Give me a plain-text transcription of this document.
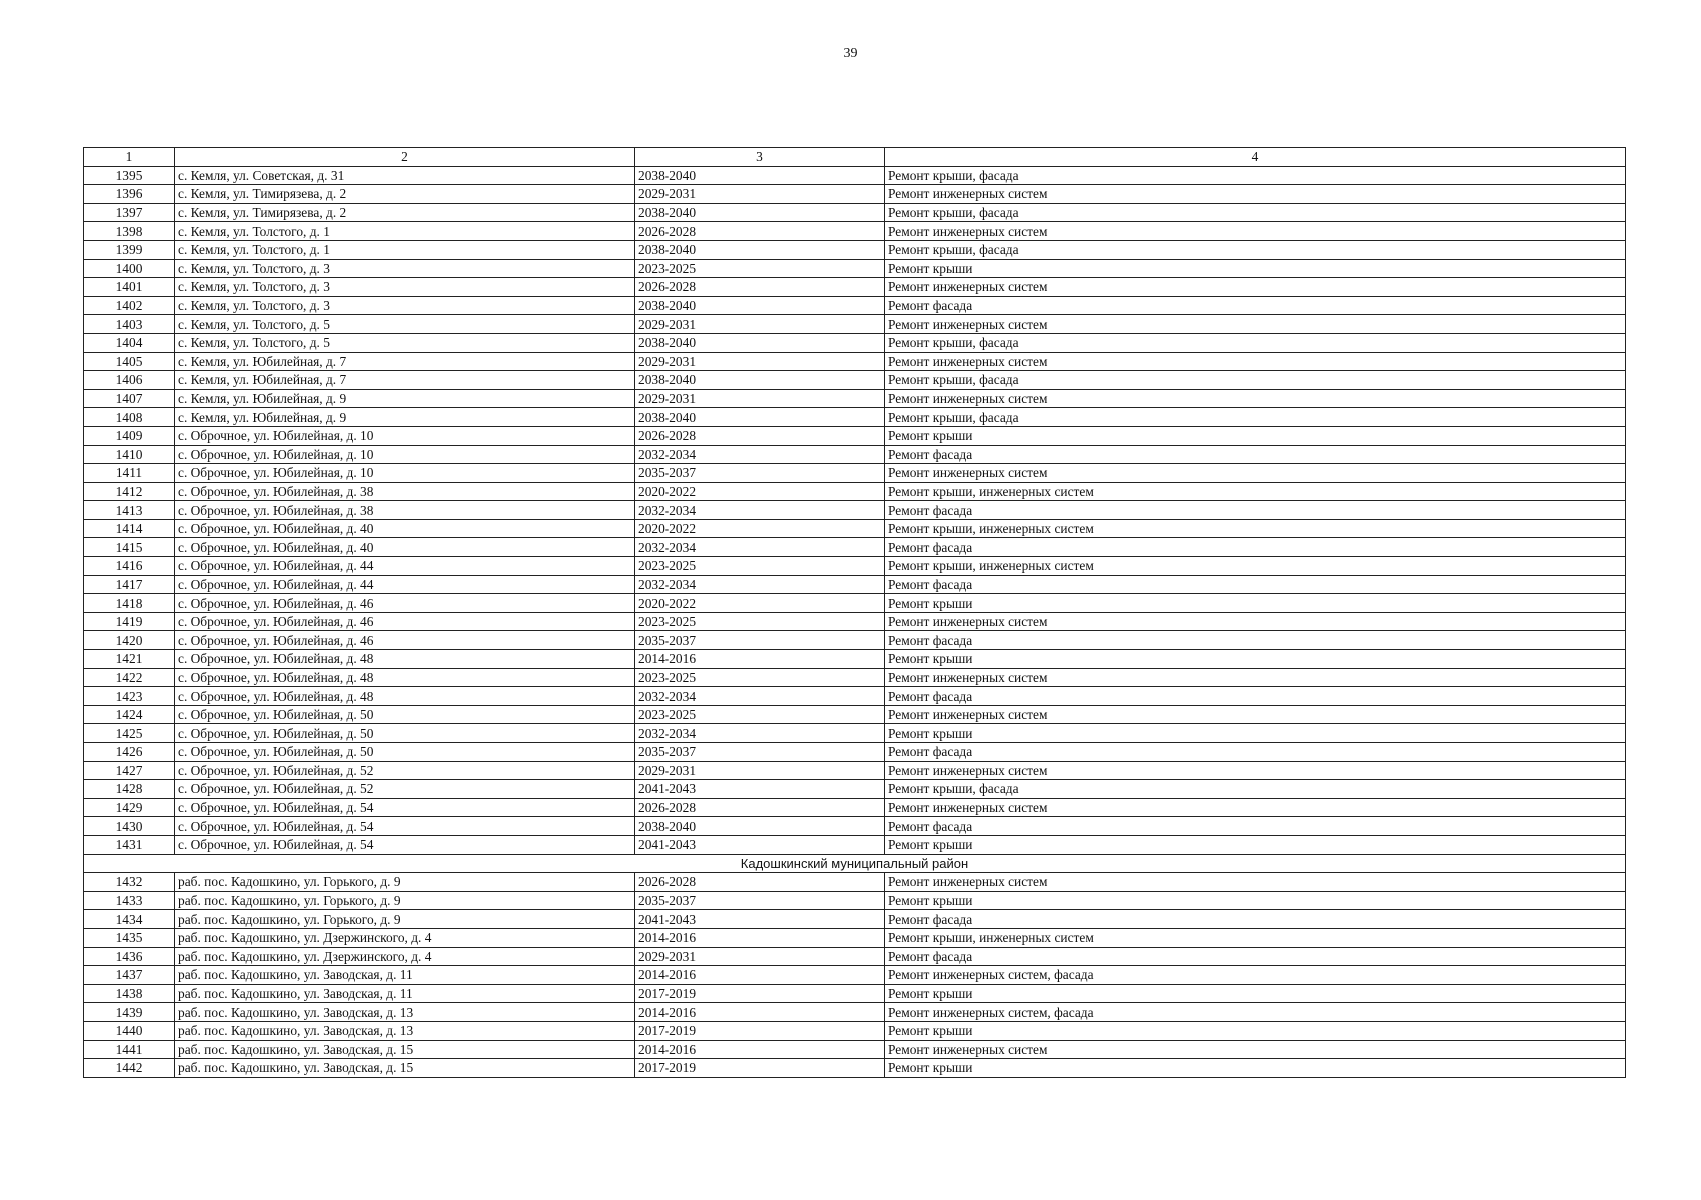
39
1	2	3	4
1395	с. Кемля, ул. Советская, д. 31	2038-2040	Ремонт крыши, фасада
1396	с. Кемля, ул. Тимирязева, д. 2	2029-2031	Ремонт инженерных систем
1397	с. Кемля, ул. Тимирязева, д. 2	2038-2040	Ремонт крыши, фасада
1398	с. Кемля, ул. Толстого, д. 1	2026-2028	Ремонт инженерных систем
1399	с. Кемля, ул. Толстого, д. 1	2038-2040	Ремонт крыши, фасада
1400	с. Кемля, ул. Толстого, д. 3	2023-2025	Ремонт крыши
1401	с. Кемля, ул. Толстого, д. 3	2026-2028	Ремонт инженерных систем
1402	с. Кемля, ул. Толстого, д. 3	2038-2040	Ремонт фасада
1403	с. Кемля, ул. Толстого, д. 5	2029-2031	Ремонт инженерных систем
1404	с. Кемля, ул. Толстого, д. 5	2038-2040	Ремонт крыши, фасада
1405	с. Кемля, ул. Юбилейная, д. 7	2029-2031	Ремонт инженерных систем
1406	с. Кемля, ул. Юбилейная, д. 7	2038-2040	Ремонт крыши, фасада
1407	с. Кемля, ул. Юбилейная, д. 9	2029-2031	Ремонт инженерных систем
1408	с. Кемля, ул. Юбилейная, д. 9	2038-2040	Ремонт крыши, фасада
1409	с. Оброчное, ул. Юбилейная, д. 10	2026-2028	Ремонт крыши
1410	с. Оброчное, ул. Юбилейная, д. 10	2032-2034	Ремонт фасада
1411	с. Оброчное, ул. Юбилейная, д. 10	2035-2037	Ремонт инженерных систем
1412	с. Оброчное, ул. Юбилейная, д. 38	2020-2022	Ремонт крыши, инженерных систем
1413	с. Оброчное, ул. Юбилейная, д. 38	2032-2034	Ремонт фасада
1414	с. Оброчное, ул. Юбилейная, д. 40	2020-2022	Ремонт крыши, инженерных систем
1415	с. Оброчное, ул. Юбилейная, д. 40	2032-2034	Ремонт фасада
1416	с. Оброчное, ул. Юбилейная, д. 44	2023-2025	Ремонт крыши, инженерных систем
1417	с. Оброчное, ул. Юбилейная, д. 44	2032-2034	Ремонт фасада
1418	с. Оброчное, ул. Юбилейная, д. 46	2020-2022	Ремонт крыши
1419	с. Оброчное, ул. Юбилейная, д. 46	2023-2025	Ремонт инженерных систем
1420	с. Оброчное, ул. Юбилейная, д. 46	2035-2037	Ремонт фасада
1421	с. Оброчное, ул. Юбилейная, д. 48	2014-2016	Ремонт крыши
1422	с. Оброчное, ул. Юбилейная, д. 48	2023-2025	Ремонт инженерных систем
1423	с. Оброчное, ул. Юбилейная, д. 48	2032-2034	Ремонт фасада
1424	с. Оброчное, ул. Юбилейная, д. 50	2023-2025	Ремонт инженерных систем
1425	с. Оброчное, ул. Юбилейная, д. 50	2032-2034	Ремонт крыши
1426	с. Оброчное, ул. Юбилейная, д. 50	2035-2037	Ремонт фасада
1427	с. Оброчное, ул. Юбилейная, д. 52	2029-2031	Ремонт инженерных систем
1428	с. Оброчное, ул. Юбилейная, д. 52	2041-2043	Ремонт крыши, фасада
1429	с. Оброчное, ул. Юбилейная, д. 54	2026-2028	Ремонт инженерных систем
1430	с. Оброчное, ул. Юбилейная, д. 54	2038-2040	Ремонт фасада
1431	с. Оброчное, ул. Юбилейная, д. 54	2041-2043	Ремонт крыши
Кадошкинский муниципальный район			
1432	раб. пос. Кадошкино, ул. Горького, д. 9	2026-2028	Ремонт инженерных систем
1433	раб. пос. Кадошкино, ул. Горького, д. 9	2035-2037	Ремонт крыши
1434	раб. пос. Кадошкино, ул. Горького, д. 9	2041-2043	Ремонт фасада
1435	раб. пос. Кадошкино, ул. Дзержинского, д. 4	2014-2016	Ремонт крыши, инженерных систем
1436	раб. пос. Кадошкино, ул. Дзержинского, д. 4	2029-2031	Ремонт фасада
1437	раб. пос. Кадошкино, ул. Заводская, д. 11	2014-2016	Ремонт инженерных систем, фасада
1438	раб. пос. Кадошкино, ул. Заводская, д. 11	2017-2019	Ремонт крыши
1439	раб. пос. Кадошкино, ул. Заводская, д. 13	2014-2016	Ремонт инженерных систем, фасада
1440	раб. пос. Кадошкино, ул. Заводская, д. 13	2017-2019	Ремонт крыши
1441	раб. пос. Кадошкино, ул. Заводская, д. 15	2014-2016	Ремонт инженерных систем
1442	раб. пос. Кадошкино, ул. Заводская, д. 15	2017-2019	Ремонт крыши
